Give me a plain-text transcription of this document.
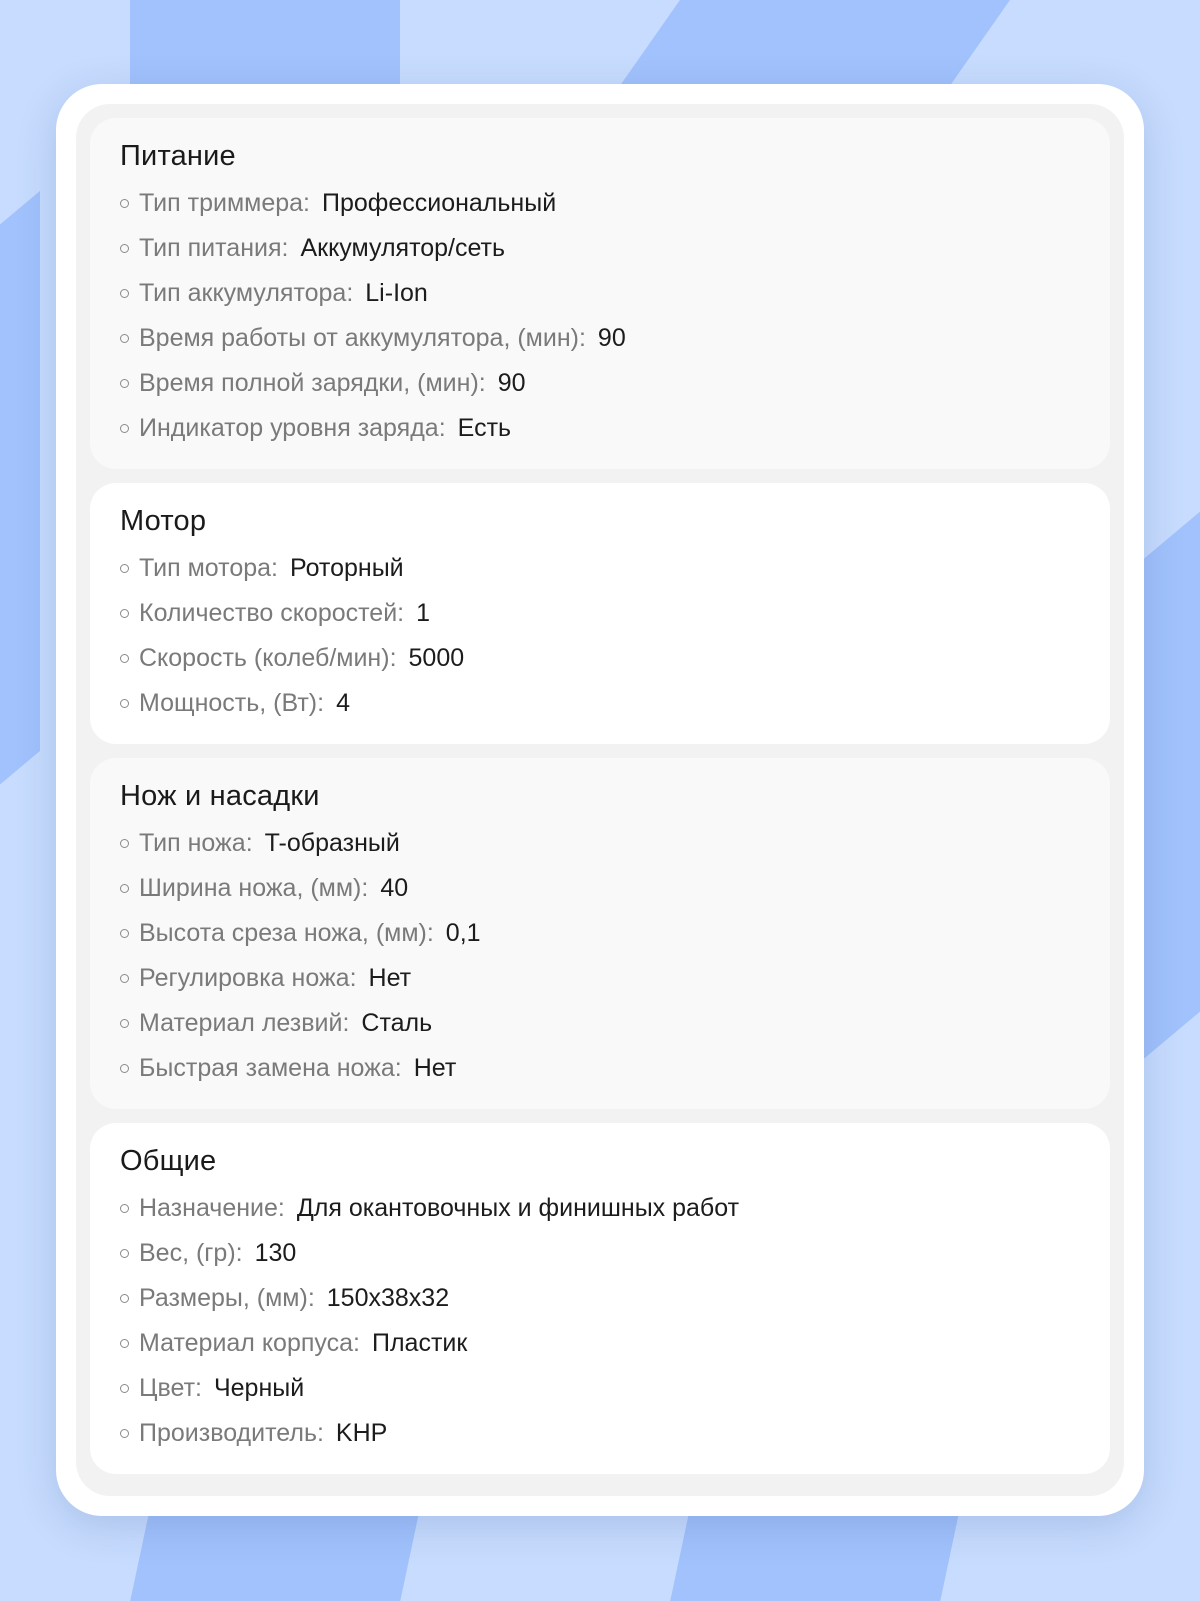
Питание
Тип триммера : Профессиональный
Тип питания : Аккумулятор/сеть
Тип аккумулятора : Li-Ion
Время работы от аккумулятора, (мин) : 90
Время полной зарядки, (мин) : 90
Индикатор уровня заряда : Есть
Мотор
Тип мотора : Роторный
Количество скоростей : 1
Скорость (колеб/мин) : 5000
Мощность, (Вт) : 4
Нож и насадки
Тип ножа : T-образный
Ширина ножа, (мм) : 40
Высота среза ножа, (мм) : 0,1
Регулировка ножа : Нет
Материал лезвий : Сталь
Быстрая замена ножа : Нет
Общие
Назначение : Для окантовочных и финишных работ
Вес, (гр) : 130
Размеры, (мм) : 150x38x32
Материал корпуса : Пластик
Цвет : Черный
Производитель : KHP
